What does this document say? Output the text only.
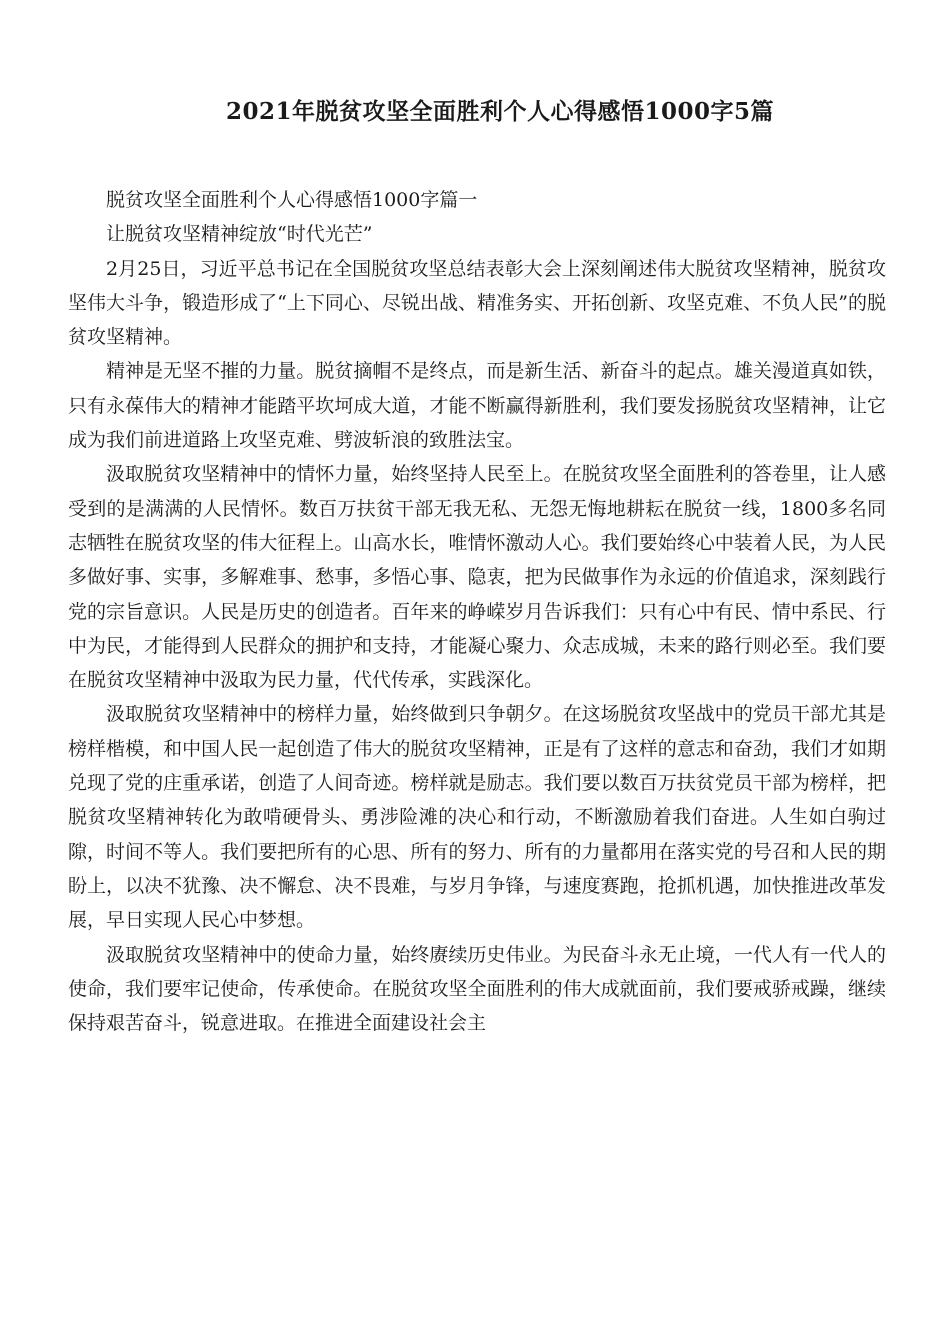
2021年脱贫攻坚全面胜利个人心得感悟1000字5篇

脱贫攻坚全面胜利个人心得感悟1000字篇一

让脱贫攻坚精神绽放“时代光芒”

2月25日，习近平总书记在全国脱贫攻坚总结表彰大会上深刻阐述伟大脱贫攻坚精神，脱贫攻坚伟大斗争，锻造形成了“上下同心、尽锐出战、精准务实、开拓创新、攻坚克难、不负人民”的脱贫攻坚精神。

精神是无坚不摧的力量。脱贫摘帽不是终点，而是新生活、新奋斗的起点。雄关漫道真如铁，只有永葆伟大的精神才能踏平坎坷成大道，才能不断赢得新胜利，我们要发扬脱贫攻坚精神，让它成为我们前进道路上攻坚克难、劈波斩浪的致胜法宝。

汲取脱贫攻坚精神中的情怀力量，始终坚持人民至上。在脱贫攻坚全面胜利的答卷里，让人感受到的是满满的人民情怀。数百万扶贫干部无我无私、无怨无悔地耕耘在脱贫一线，1800多名同志牺牲在脱贫攻坚的伟大征程上。山高水长，唯情怀激动人心。我们要始终心中装着人民，为人民多做好事、实事，多解难事、愁事，多悟心事、隐衷，把为民做事作为永远的价值追求，深刻践行党的宗旨意识。人民是历史的创造者。百年来的峥嵘岁月告诉我们：只有心中有民、情中系民、行中为民，才能得到人民群众的拥护和支持，才能凝心聚力、众志成城，未来的路行则必至。我们要在脱贫攻坚精神中汲取为民力量，代代传承，实践深化。

汲取脱贫攻坚精神中的榜样力量，始终做到只争朝夕。在这场脱贫攻坚战中的党员干部尤其是榜样楷模，和中国人民一起创造了伟大的脱贫攻坚精神，正是有了这样的意志和奋劲，我们才如期兑现了党的庄重承诺，创造了人间奇迹。榜样就是励志。我们要以数百万扶贫党员干部为榜样，把脱贫攻坚精神转化为敢啃硬骨头、勇涉险滩的决心和行动，不断激励着我们奋进。人生如白驹过隙，时间不等人。我们要把所有的心思、所有的努力、所有的力量都用在落实党的号召和人民的期盼上，以决不犹豫、决不懈怠、决不畏难，与岁月争锋，与速度赛跑，抢抓机遇，加快推进改革发展，早日实现人民心中梦想。

汲取脱贫攻坚精神中的使命力量，始终赓续历史伟业。为民奋斗永无止境，一代人有一代人的使命，我们要牢记使命，传承使命。在脱贫攻坚全面胜利的伟大成就面前，我们要戒骄戒躁，继续保持艰苦奋斗，锐意进取。在推进全面建设社会主
